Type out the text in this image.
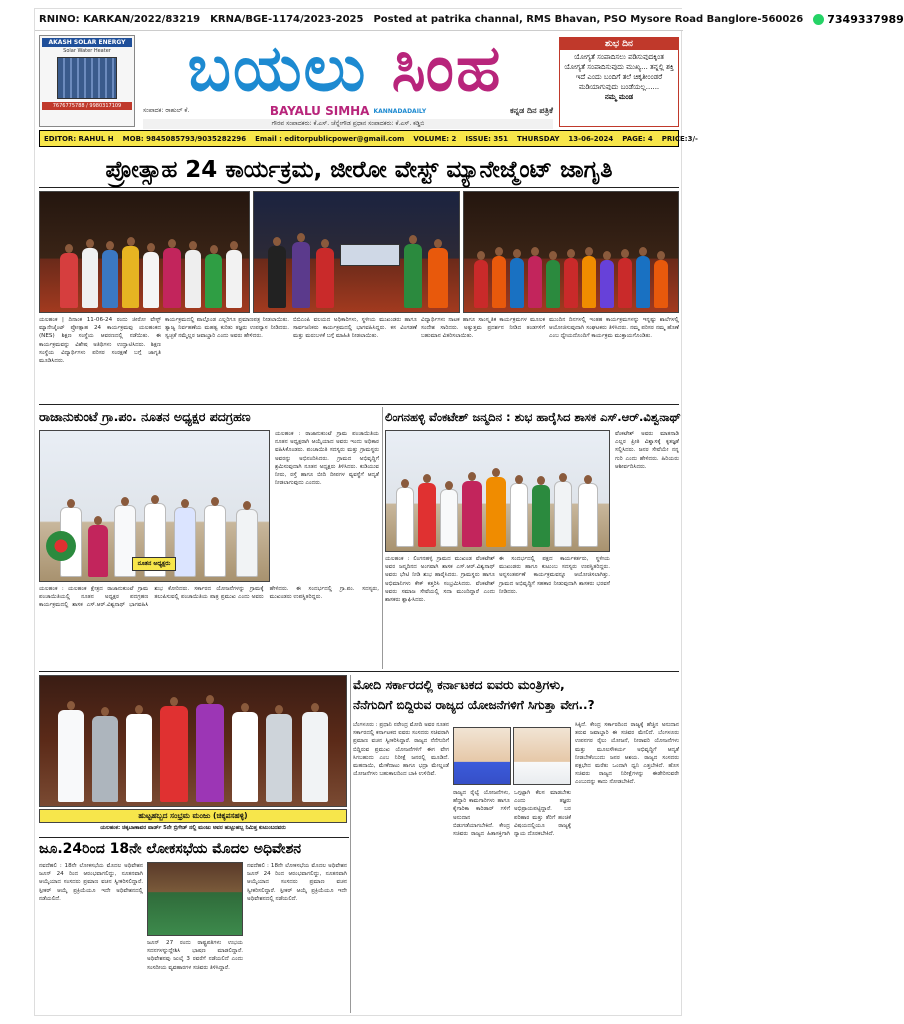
RNINO: KARKAN/2022/83219 KRNA/BGE-1174/2023-2025 Posted at patrika channal, RMS Bhavan, PSO Mysore Road Banglore-560026 7349337989
AKASH SOLAR ENERGY
Solar Water Heater
7676775788 / 9980317109	ಬಯಲು ಸಿಂಹ
ಸಂಪಾದಕ: ರಾಹುಲ್ ಕೆ.	BAYALU SIMHA KANNADADAILY	ಕನ್ನಡ ದಿನ ಪತ್ರಿಕೆ
ಗೌರವ ಸಂಪಾದಕರು: ಕೆ.ಎಸ್. ಚೆನ್ನೇಗೌಡ ಪ್ರಧಾನ ಸಂಪಾದಕರು: ಕೆ.ಎಸ್. ಕಡ್ಡಿಬಿ
ಶುಭ ದಿನ
ಯೋಗ್ಯತೆ ಸಂಪಾದಿಸಲು ಪಡಿಸುವುದಕ್ಕಿಂತ ಯೋಗ್ಯತೆ ಸಂಪಾದಿಸುವುದು ಮುಖ್ಯ... ತನ್ನಲ್ಲಿ ಶಕ್ತಿ ಇದೆ ಎಂದು ಬಂದಿಗೆ ತಲೆ ಚಿಕ್ಕತೀಂಂಡರೆ ಮಡಿಯಾಗುವುದು ಬಂಡೆಯಲ್ಲ......
ನಮ್ಮ ಮಂಡ
EDITOR: RAHUL H MOB: 9845085793/9035282296 Email : editorpublicpower@gmail.com VOLUME: 2 ISSUE: 351 THURSDAY 13-06-2024 PAGE: 4 PRICE:3/-
ಪ್ರೋತ್ಸಾಹ 24 ಕಾರ್ಯಕ್ರಮ, ಜೀರೋ ವೇಸ್ಟ್ ಮ್ಯಾನೇಜ್ಮೆಂಟ್ ಜಾಗೃತಿ
ಯಲಹಂಕ | ದಿನಾಂಕ 11-06-24 ರಂದು ಜೀರೋ ವೇಸ್ಟ್ ಮ್ಯಾನೇಜ್ಮೆಂಟ್ ಪ್ರೋತ್ಸಾಹ 24 ಕಾರ್ಯಕ್ರಮವು ಯಲಹಂಕದ (NES) ಶಿಕ್ಷಣ ಸಂಸ್ಥೆಯ ಆವರಣದಲ್ಲಿ ನಡೆಯಿತು. ಈ ಕಾರ್ಯಕ್ರಮವನ್ನು ವಿಶೇಷ ಅತಿಥಿಗಳು ಉದ್ಘಾಟಿಸಿದರು. ಶಿಕ್ಷಣ ಸಂಸ್ಥೆಯ ವಿದ್ಯಾರ್ಥಿಗಳು ಪರಿಸರ ಸಂರಕ್ಷಣೆ ಬಗ್ಗೆ ಜಾಗೃತಿ ಮೂಡಿಸಿದರು.
ಕಾರ್ಯಕ್ರಮದಲ್ಲಿ ಪಾಲ್ಗೊಂಡ ಎಲ್ಲರಿಗೂ ಪ್ರಮಾಣಪತ್ರ ನೀಡಲಾಯಿತು. ತ್ಯಾಜ್ಯ ನಿರ್ವಹಣೆಯ ಮಹತ್ವ ಕುರಿತು ತಜ್ಞರು ಉಪನ್ಯಾಸ ನೀಡಿದರು. ಸ್ವಚ್ಛತೆ ನಮ್ಮೆಲ್ಲರ ಜವಾಬ್ದಾರಿ ಎಂದು ಅವರು ಹೇಳಿದರು.
ಬಿಬಿಎಂಪಿ ವಲಯದ ಅಧಿಕಾರಿಗಳು, ಸ್ಥಳೀಯ ಮುಖಂಡರು ಹಾಗೂ ಸಾರ್ವಜನಿಕರು ಕಾರ್ಯಕ್ರಮದಲ್ಲಿ ಭಾಗವಹಿಸಿದ್ದರು. ಕಸ ವಿಂಗಡಣೆ ಮತ್ತು ಮರುಬಳಕೆ ಬಗ್ಗೆ ಮಾಹಿತಿ ನೀಡಲಾಯಿತು.
ವಿದ್ಯಾರ್ಥಿಗಳು ನಾಟಕ ಹಾಗೂ ಸಾಂಸ್ಕೃತಿಕ ಕಾರ್ಯಕ್ರಮಗಳ ಮೂಲಕ ಸಂದೇಶ ಸಾರಿದರು. ಅತ್ಯುತ್ತಮ ಪ್ರದರ್ಶನ ನೀಡಿದ ತಂಡಗಳಿಗೆ ಬಹುಮಾನ ವಿತರಿಸಲಾಯಿತು.
ಮುಂದಿನ ದಿನಗಳಲ್ಲಿ ಇಂತಹ ಕಾರ್ಯಕ್ರಮಗಳನ್ನು ಇನ್ನಷ್ಟು ಶಾಲೆಗಳಲ್ಲಿ ಆಯೋಜಿಸುವುದಾಗಿ ಸಂಘಟಕರು ತಿಳಿಸಿದರು. ನಮ್ಮ ಪರಿಸರ ನಮ್ಮ ಹೊಣೆ ಎಂಬ ಧ್ಯೇಯದೊಂದಿಗೆ ಕಾರ್ಯಕ್ರಮ ಮುಕ್ತಾಯಗೊಂಡಿತು.
ರಾಜಾನುಕುಂಟೆ ಗ್ರಾ.ಪಂ. ನೂತನ ಅಧ್ಯಕ್ಷರ ಪದಗ್ರಹಣ
ನೂತನ ಅಧ್ಯಕ್ಷರು
ಯಲಹಂಕ : ರಾಜಾನುಕುಂಟೆ ಗ್ರಾಮ ಪಂಚಾಯಿತಿಯ ನೂತನ ಅಧ್ಯಕ್ಷರಾಗಿ ಆಯ್ಕೆಯಾದ ಅವರು ಇಂದು ಅಧಿಕಾರ ವಹಿಸಿಕೊಂಡರು. ಪಂಚಾಯಿತಿ ಸದಸ್ಯರು ಮತ್ತು ಗ್ರಾಮಸ್ಥರು ಅವರನ್ನು ಅಭಿನಂದಿಸಿದರು. ಗ್ರಾಮದ ಅಭಿವೃದ್ಧಿಗೆ ಶ್ರಮಿಸುವುದಾಗಿ ನೂತನ ಅಧ್ಯಕ್ಷರು ತಿಳಿಸಿದರು. ಕುಡಿಯುವ ನೀರು, ರಸ್ತೆ ಹಾಗೂ ಬೀದಿ ದೀಪಗಳ ವ್ಯವಸ್ಥೆಗೆ ಆದ್ಯತೆ ನೀಡಲಾಗುವುದು ಎಂದರು.
ಯಲಹಂಕ : ಯಲಹಂಕ ಕ್ಷೇತ್ರದ ರಾಜಾನುಕುಂಟೆ ಗ್ರಾಮ ಪಂಚಾಯಿತಿಯಲ್ಲಿ ನೂತನ ಅಧ್ಯಕ್ಷರ ಪದಗ್ರಹಣ ಕಾರ್ಯಕ್ರಮದಲ್ಲಿ ಶಾಸಕ ಎಸ್.ಆರ್.ವಿಶ್ವನಾಥ್ ಭಾಗವಹಿಸಿ ಶುಭ ಕೋರಿದರು. ಸರ್ಕಾರದ ಯೋಜನೆಗಳನ್ನು ಗ್ರಾಮಕ್ಕೆ ತಲುಪಿಸುವಲ್ಲಿ ಪಂಚಾಯಿತಿಯ ಪಾತ್ರ ಪ್ರಮುಖ ಎಂದು ಅವರು ಹೇಳಿದರು. ಈ ಸಂದರ್ಭದಲ್ಲಿ ಗ್ರಾ.ಪಂ. ಸದಸ್ಯರು, ಮುಖಂಡರು ಉಪಸ್ಥಿತರಿದ್ದರು.
ಲಿಂಗನಹಳ್ಳಿ ವೆಂಕಟೇಶ್ ಜನ್ಮದಿನ : ಶುಭ ಹಾರೈಸಿದ ಶಾಸಕ ಎಸ್.ಆರ್.ವಿಶ್ವನಾಥ್
ವೆಂಕಟೇಶ್ ಅವರು ಮಾತನಾಡಿ ಎಲ್ಲರ ಪ್ರೀತಿ ವಿಶ್ವಾಸಕ್ಕೆ ಕೃತಜ್ಞತೆ ಸಲ್ಲಿಸಿದರು. ಜನರ ಸೇವೆಯೇ ನನ್ನ ಗುರಿ ಎಂದು ಹೇಳಿದರು. ಹಿರಿಯರು ಆಶೀರ್ವದಿಸಿದರು.
ಯಲಹಂಕ : ಲಿಂಗನಹಳ್ಳಿ ಗ್ರಾಮದ ಮುಖಂಡ ವೆಂಕಟೇಶ್ ಅವರ ಜನ್ಮದಿನದ ಅಂಗವಾಗಿ ಶಾಸಕ ಎಸ್.ಆರ್.ವಿಶ್ವನಾಥ್ ಅವರು ಭೇಟಿ ನೀಡಿ ಶುಭ ಹಾರೈಸಿದರು. ಗ್ರಾಮಸ್ಥರು ಹಾಗೂ ಅಭಿಮಾನಿಗಳು ಕೇಕ್ ಕತ್ತರಿಸಿ ಸಂಭ್ರಮಿಸಿದರು. ವೆಂಕಟೇಶ್ ಅವರು ಸಮಾಜ ಸೇವೆಯಲ್ಲಿ ಸದಾ ಮುಂದಿದ್ದಾರೆ ಎಂದು ಶಾಸಕರು ಶ್ಲಾಘಿಸಿದರು.
ಈ ಸಂದರ್ಭದಲ್ಲಿ ಪಕ್ಷದ ಕಾರ್ಯಕರ್ತರು, ಸ್ಥಳೀಯ ಮುಖಂಡರು ಹಾಗೂ ಕುಟುಂಬ ಸದಸ್ಯರು ಉಪಸ್ಥಿತರಿದ್ದರು. ಅನ್ನಸಂತರ್ಪಣೆ ಕಾರ್ಯಕ್ರಮವನ್ನೂ ಆಯೋಜಿಸಲಾಗಿತ್ತು. ಗ್ರಾಮದ ಅಭಿವೃದ್ಧಿಗೆ ಸಹಕಾರ ನೀಡುವುದಾಗಿ ಶಾಸಕರು ಭರವಸೆ ನೀಡಿದರು.
ಹುಟ್ಟಹಬ್ಬದ ಸಂಭ್ರಮ ಮಂಜು (ಚಿಕ್ಕಪಸಹಳ್ಳಿ)
ಯಲಹಂಕ: ಚಿಕ್ಕಬಾಣಾವರ ವಾರ್ಡ್ 5ನೇ ಬ್ರಿಗೇಡ್ ನಲ್ಲಿ ಮಂಜು ಅವರ ಹುಟ್ಟುಹಬ್ಬ ನಿಮಿತ್ತ ಕುಟುಂಬದವರು
ಜೂ.24ರಿಂದ 18ನೇ ಲೋಕಸಭೆಯ ಮೊದಲ ಅಧಿವೇಶನ
ನವದೆಹಲಿ : 18ನೇ ಲೋಕಸಭೆಯ ಮೊದಲ ಅಧಿವೇಶನ ಜೂನ್ 24 ರಿಂದ ಆರಂಭವಾಗಲಿದ್ದು, ನೂತನವಾಗಿ ಆಯ್ಕೆಯಾದ ಸಂಸದರು ಪ್ರಮಾಣ ವಚನ ಸ್ವೀಕರಿಸಲಿದ್ದಾರೆ. ಸ್ಪೀಕರ್ ಆಯ್ಕೆ ಪ್ರಕ್ರಿಯೆಯೂ ಇದೇ ಅಧಿವೇಶನದಲ್ಲಿ ನಡೆಯಲಿದೆ.
ಜೂನ್ 27 ರಂದು ರಾಷ್ಟ್ರಪತಿಗಳು ಉಭಯ ಸದನಗಳನ್ನುದ್ದೇಶಿಸಿ ಭಾಷಣ ಮಾಡಲಿದ್ದಾರೆ. ಅಧಿವೇಶನವು ಜುಲೈ 3 ರವರೆಗೆ ನಡೆಯಲಿದೆ ಎಂದು ಸಂಸದೀಯ ವ್ಯವಹಾರಗಳ ಸಚಿವರು ತಿಳಿಸಿದ್ದಾರೆ.
ನವದೆಹಲಿ : 18ನೇ ಲೋಕಸಭೆಯ ಮೊದಲ ಅಧಿವೇಶನ ಜೂನ್ 24 ರಿಂದ ಆರಂಭವಾಗಲಿದ್ದು, ನೂತನವಾಗಿ ಆಯ್ಕೆಯಾದ ಸಂಸದರು ಪ್ರಮಾಣ ವಚನ ಸ್ವೀಕರಿಸಲಿದ್ದಾರೆ. ಸ್ಪೀಕರ್ ಆಯ್ಕೆ ಪ್ರಕ್ರಿಯೆಯೂ ಇದೇ ಅಧಿವೇಶನದಲ್ಲಿ ನಡೆಯಲಿದೆ.
ಮೋದಿ ಸರ್ಕಾರದಲ್ಲಿ ಕರ್ನಾಟಕದ ಐವರು ಮಂತ್ರಿಗಳು,
ನೆನೆಗುದಿಗೆ ಬಿದ್ದಿರುವ ರಾಜ್ಯದ ಯೋಜನೆಗಳಿಗೆ ಸಿಗುತ್ತಾ ವೇಗ..?
ಬೆಂಗಳೂರು : ಪ್ರಧಾನಿ ನರೇಂದ್ರ ಮೋದಿ ಅವರ ನೂತನ ಸರ್ಕಾರದಲ್ಲಿ ಕರ್ನಾಟಕದ ಐವರು ಸಂಸದರು ಸಚಿವರಾಗಿ ಪ್ರಮಾಣ ವಚನ ಸ್ವೀಕರಿಸಿದ್ದಾರೆ. ರಾಜ್ಯದ ನೆನೆಗುದಿಗೆ ಬಿದ್ದಿರುವ ಪ್ರಮುಖ ಯೋಜನೆಗಳಿಗೆ ಈಗ ವೇಗ ಸಿಗಬಹುದು ಎಂಬ ನಿರೀಕ್ಷೆ ಜನರಲ್ಲಿ ಮೂಡಿದೆ. ಮಹದಾಯಿ, ಮೇಕೆದಾಟು ಹಾಗೂ ಭದ್ರಾ ಮೇಲ್ದಂಡೆ ಯೋಜನೆಗಳು ಬಹುಕಾಲದಿಂದ ಬಾಕಿ ಉಳಿದಿವೆ.
ರಾಜ್ಯದ ರೈಲ್ವೆ ಯೋಜನೆಗಳು, ಹೆದ್ದಾರಿ ಕಾಮಗಾರಿಗಳು ಹಾಗೂ ಕೈಗಾರಿಕಾ ಕಾರಿಡಾರ್ ಗಳಿಗೆ ಅನುದಾನ ಬಿಡುಗಡೆಯಾಗಬೇಕಿದೆ. ಕೇಂದ್ರ ಸಚಿವರು ರಾಜ್ಯದ ಹಿತಾಸಕ್ತಿಗಾಗಿ ಒಗ್ಗಟ್ಟಾಗಿ ಕೆಲಸ ಮಾಡಬೇಕು ಎಂದು ತಜ್ಞರು ಅಭಿಪ್ರಾಯಪಟ್ಟಿದ್ದಾರೆ. ಬರ ಪರಿಹಾರ ಮತ್ತು ತೆರಿಗೆ ಹಂಚಿಕೆ ವಿಷಯದಲ್ಲಿಯೂ ರಾಜ್ಯಕ್ಕೆ ನ್ಯಾಯ ದೊರಕಬೇಕಿದೆ.
ಸಿಕ್ಕಿದೆ. ಕೇಂದ್ರ ಸರ್ಕಾರದಿಂದ ರಾಜ್ಯಕ್ಕೆ ಹೆಚ್ಚಿನ ಅನುದಾನ ತರುವ ಜವಾಬ್ದಾರಿ ಈ ಸಚಿವರ ಮೇಲಿದೆ. ಬೆಂಗಳೂರು ಉಪನಗರ ರೈಲು ಯೋಜನೆ, ನೀರಾವರಿ ಯೋಜನೆಗಳು ಮತ್ತು ಮೂಲಸೌಕರ್ಯ ಅಭಿವೃದ್ಧಿಗೆ ಆದ್ಯತೆ ನೀಡಬೇಕೆಂಬುದು ಜನರ ಆಶಯ. ರಾಜ್ಯದ ಸಂಸದರು ಪಕ್ಷಭೇದ ಮರೆತು ಒಂದಾಗಿ ಧ್ವನಿ ಎತ್ತಬೇಕಿದೆ. ಹೊಸ ಸಚಿವರು ರಾಜ್ಯದ ನಿರೀಕ್ಷೆಗಳನ್ನು ಈಡೇರಿಸುವರೇ ಎಂಬುದನ್ನು ಕಾದು ನೋಡಬೇಕಿದೆ.
